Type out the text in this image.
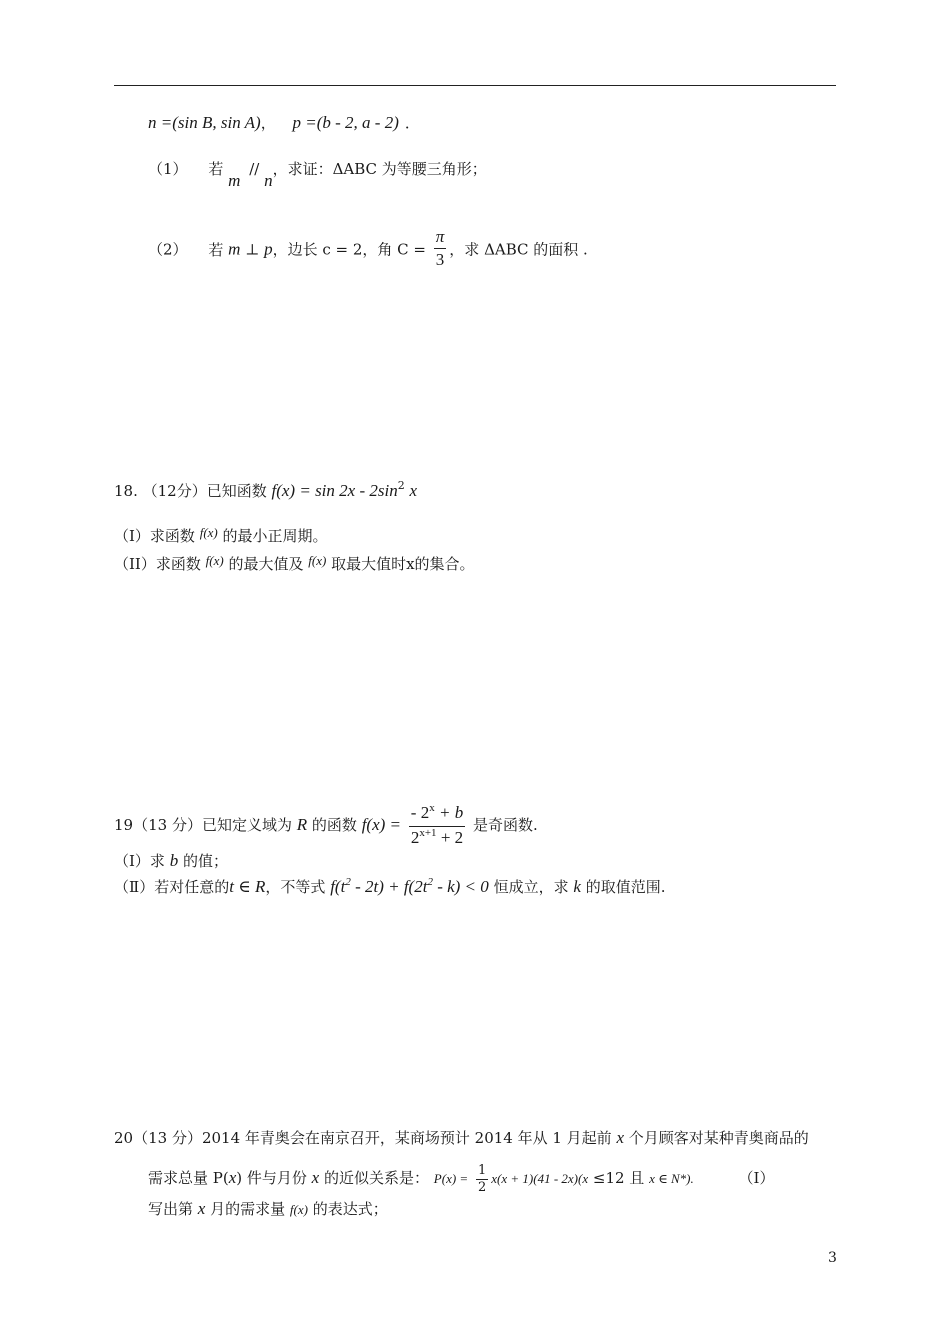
n =(sin B, sin A)， p =(b - 2, a - 2) ．
（1） 若 m // n，求证：ΔABC 为等腰三角形；
（2） 若 m ⊥ p，边长 c = 2，角 $C = \frac{\pi}{3}$ ，求 ΔABC 的面积 .
18. （12分）已知函数 $f(x) = \sin 2x - 2\sin^2$ x
（I）求函数 f(x) 的最小正周期。
（II）求函数 f(x) 的最大值及 f(x) 取最大值时x的集合。
19（13 分）已知定义域为 R 的函数 $f(x) = \frac{- 2^x + b}{2^{x+1} + 2}$ 是奇函数.
（Ⅰ）求 b 的值；
（Ⅱ）若对任意的t ∈ R，不等式 $f(t^2 - 2t) + f(2t^2 - k) < 0$ 恒成立，求 k 的取值范围.
20（13 分）2014 年青奥会在南京召开，某商场预计 2014 年从 1 月起前 x 个月顾客对某种青奥商品的
需求总量 P(x) 件与月份 x 的近似关系是： $P(x) = \frac{1}{2} x(x + 1)(41 - 2x)(x \le 12$ 且 x ∈ N*).	（Ⅰ）
写出第 x 月的需求量 f(x) 的表达式；
3
